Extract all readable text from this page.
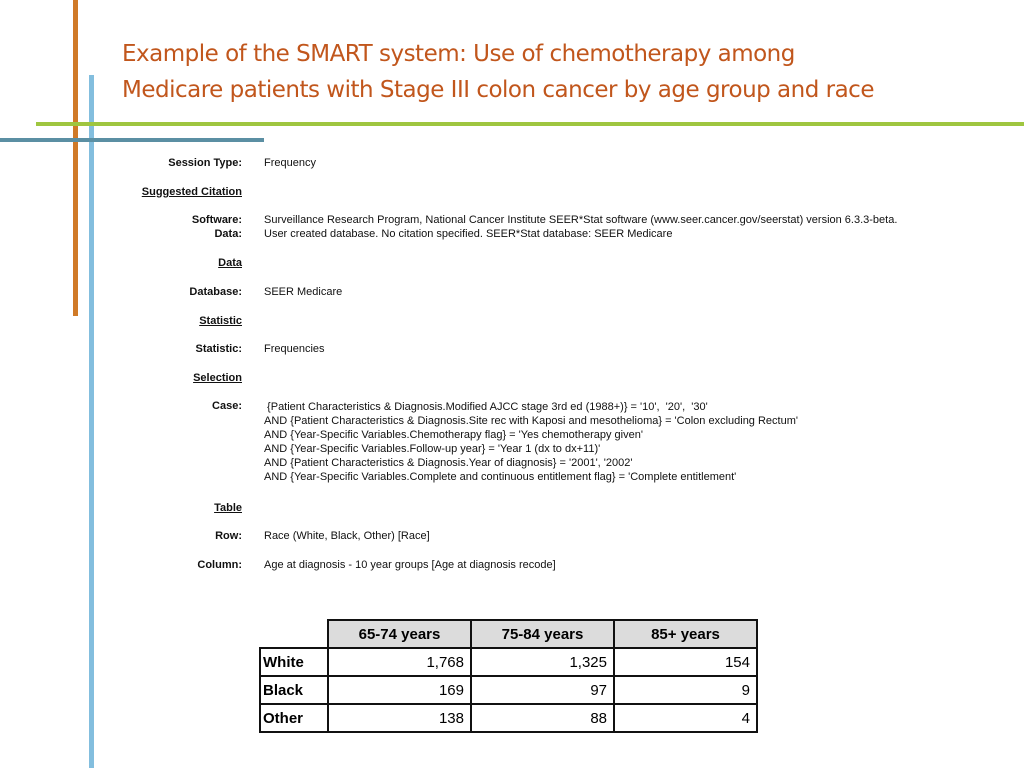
Example of the SMART system: Use of chemotherapy among
Medicare patients with Stage III colon cancer by age group and race
Session Type: Frequency
Suggested Citation
Software: Surveillance Research Program, National Cancer Institute SEER*Stat software (www.seer.cancer.gov/seerstat) version 6.3.3-beta.
Data: User created database. No citation specified. SEER*Stat database: SEER Medicare
Data
Database: SEER Medicare
Statistic
Statistic: Frequencies
Selection
Case: {Patient Characteristics & Diagnosis.Modified AJCC stage 3rd ed (1988+)} = '10',  '20',  '30'
AND {Patient Characteristics & Diagnosis.Site rec with Kaposi and mesothelioma} = 'Colon excluding Rectum'
AND {Year-Specific Variables.Chemotherapy flag} = 'Yes chemotherapy given'
AND {Year-Specific Variables.Follow-up year} = 'Year 1 (dx to dx+11)'
AND {Patient Characteristics & Diagnosis.Year of diagnosis} = '2001', '2002'
AND {Year-Specific Variables.Complete and continuous entitlement flag} = 'Complete entitlement'
Table
Row: Race (White, Black, Other) [Race]
Column: Age at diagnosis - 10 year groups [Age at diagnosis recode]
	65-74 years	75-84 years	85+ years
White	1,768	1,325	154
Black	169	97	9
Other	138	88	4
